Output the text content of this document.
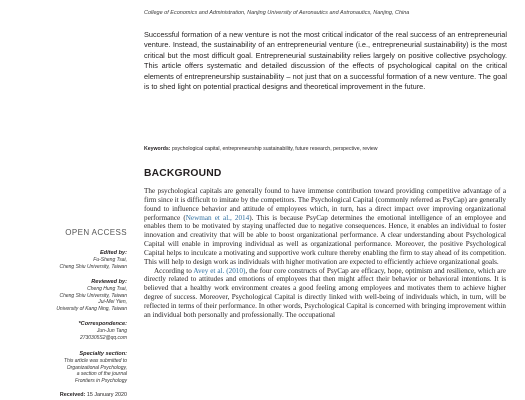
College of Economics and Administration, Nanjing University of Aeronautics and Astronautics, Nanjing, China

Successful formation of a new venture is not the most critical indicator of the real success of an entrepreneurial venture. Instead, the sustainability of an entrepreneurial venture (i.e., entrepreneurial sustainability) is the most critical but the most difficult goal. Entrepreneurial sustainability relies largely on positive collective psychology. This article offers systematic and detailed discussion of the effects of psychological capital on the critical elements of entrepreneurship sustainability – not just that on a successful formation of a new venture. The goal is to shed light on potential practical designs and theoretical improvement in the future.

Keywords: psychological capital, entrepreneurship sustainability, future research, perspective, review
BACKGROUND

The psychological capitals are generally found to have immense contribution toward providing competitive advantage of a firm since it is difficult to imitate by the competitors. The Psychological Capital (commonly referred as PsyCap) are generally found to influence behavior and attitude of employees which, in turn, has a direct impact over improving organizational performance (Newman et al., 2014). This is because PsyCap determines the emotional intelligence of an employee and enables them to be motivated by staying unaffected due to negative consequences. Hence, it enables an individual to foster innovation and creativity that will be able to boost organizational performance. A clear understanding about Psychological Capital will enable in improving individual as well as organizational performance. Moreover, the positive Psychological Capital helps to inculcate a motivating and supportive work culture thereby enabling the firm to stay ahead of its competition. This will help to design work as individuals with higher motivation are expected to efficiently achieve organizational goals.

According to Avey et al. (2010), the four core constructs of PsyCap are efficacy, hope, optimism and resilience, which are directly related to attitudes and emotions of employees that then might affect their behavior or behavioral intentions. It is believed that a healthy work environment creates a good feeling among employees and motivates them to achieve higher degree of success. Moreover, Psychological Capital is directly linked with well-being of individuals which, in turn, will be reflected in terms of their performance. In other words, Psychological Capital is concerned with bringing improvement within an individual both personally and professionally. The occupational

OPEN ACCESS
Edited by:
Fu-Sheng Tsai,
Cheng Shiu University, Taiwan
Reviewed by:
Cheng Hung Tsai,
Cheng Shiu University, Taiwan
Jui-Mei Yien,
University of Kang Ning, Taiwan
*Correspondence:
Jun-Jun Tang
2730305S2@qq.com
Specialty section:
This article was submitted to
Organizational Psychology,
a section of the journal
Frontiers in Psychology
Received: 15 January 2020
